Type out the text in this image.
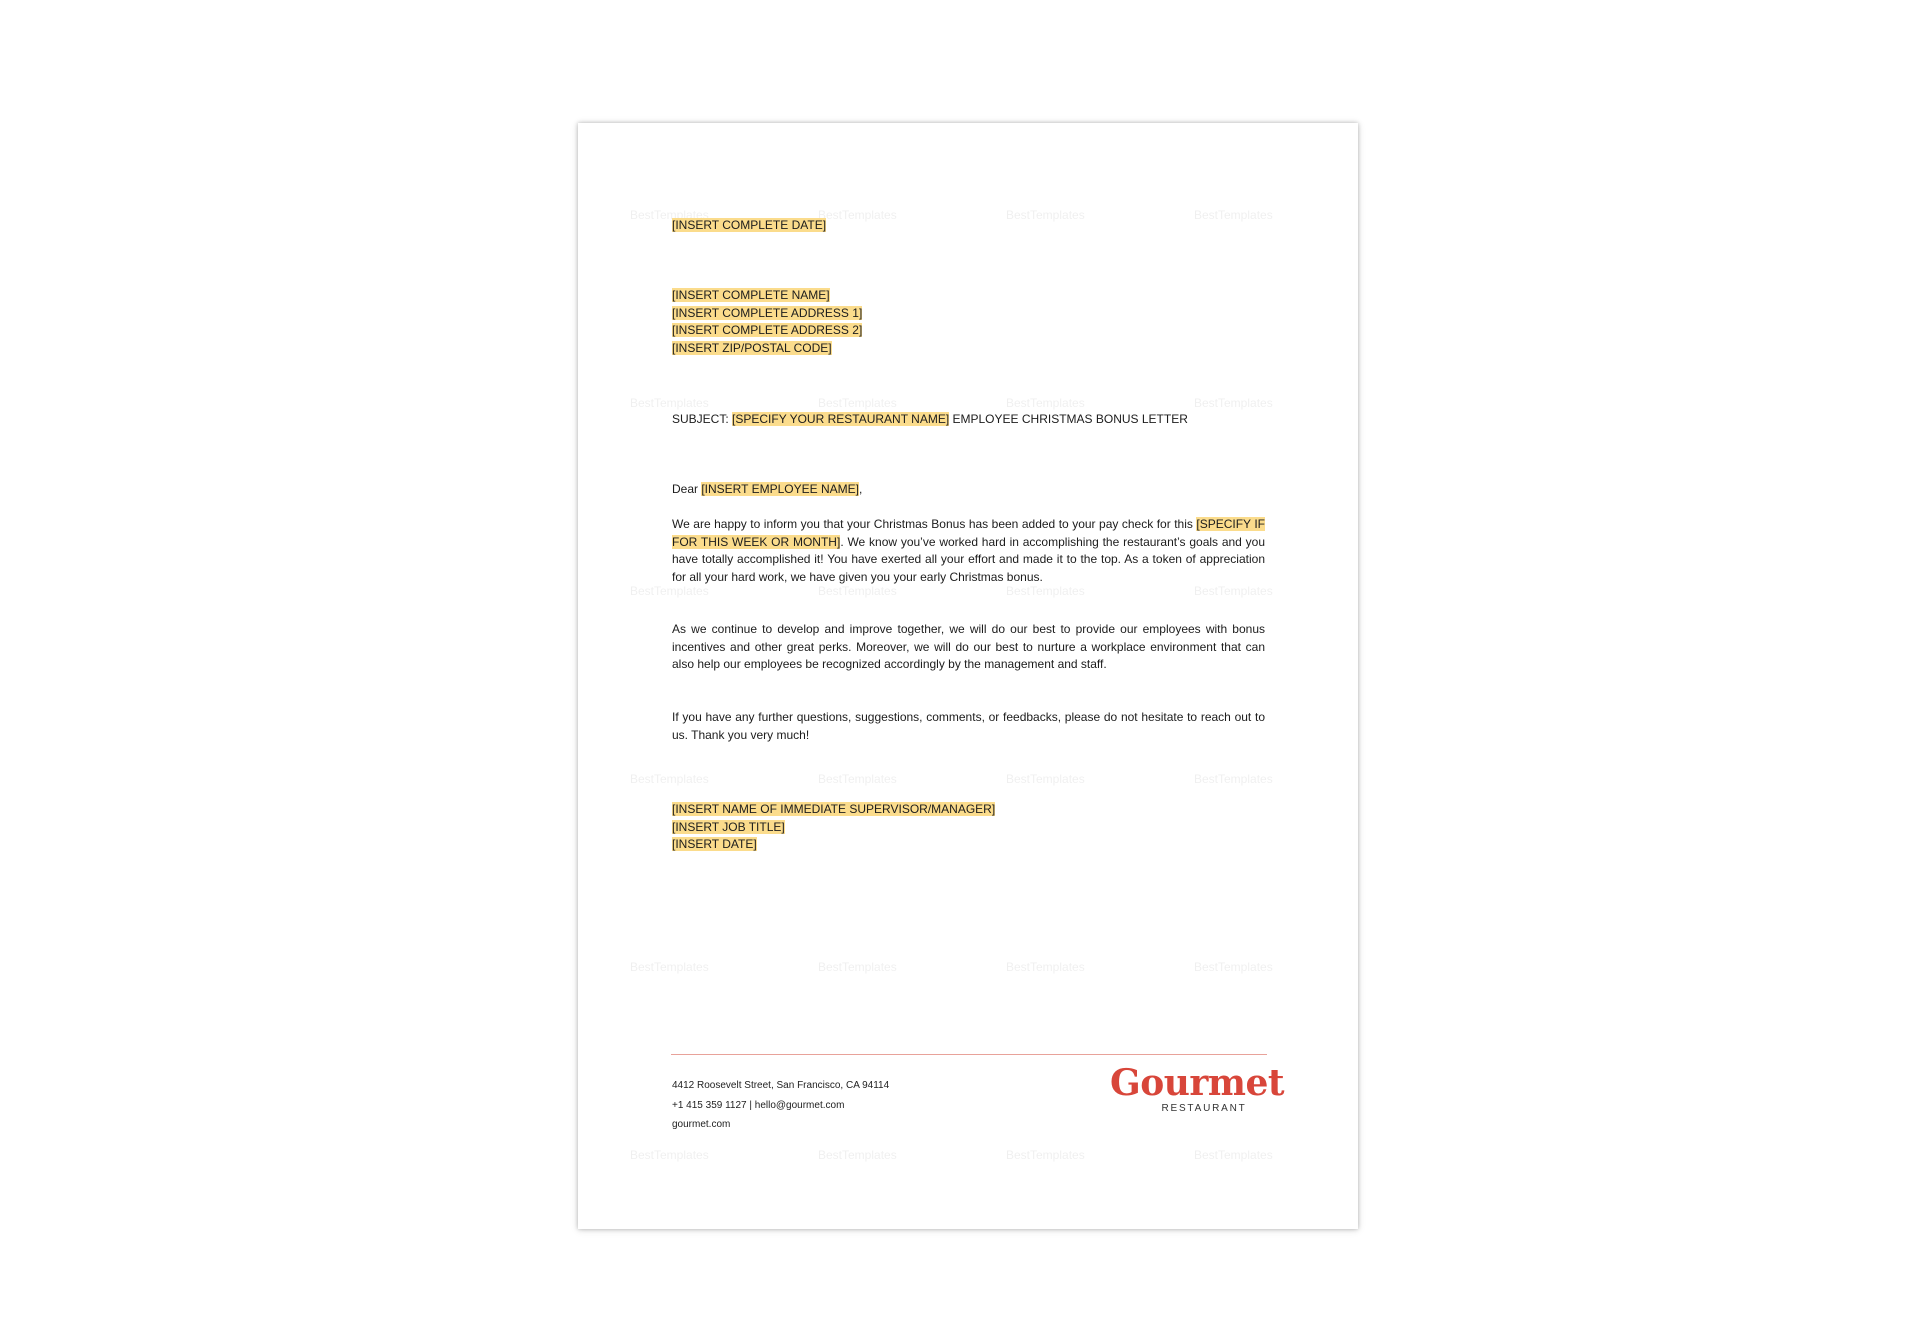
BestTemplates	BestTemplates	BestTemplates	BestTemplates
BestTemplates	BestTemplates	BestTemplates	BestTemplates
BestTemplates	BestTemplates	BestTemplates	BestTemplates
BestTemplates	BestTemplates	BestTemplates	BestTemplates
BestTemplates	BestTemplates	BestTemplates	BestTemplates
BestTemplates	BestTemplates	BestTemplates	BestTemplates
[INSERT COMPLETE DATE]

[INSERT COMPLETE NAME]

[INSERT COMPLETE ADDRESS 1]

[INSERT COMPLETE ADDRESS 2]

[INSERT ZIP/POSTAL CODE]

SUBJECT: [SPECIFY YOUR RESTAURANT NAME] EMPLOYEE CHRISTMAS BONUS LETTER
Dear [INSERT EMPLOYEE NAME],

We are happy to inform you that your Christmas Bonus has been added to your pay check for this [SPECIFY IF FOR THIS WEEK OR MONTH]. We know you’ve worked hard in accomplishing the restaurant’s goals and you have totally accomplished it! You have exerted all your effort and made it to the top. As a token of appreciation for all your hard work, we have given you your early Christmas bonus.

As we continue to develop and improve together, we will do our best to provide our employees with bonus incentives and other great perks. Moreover, we will do our best to nurture a workplace environment that can also help our employees be recognized accordingly by the management and staff.

If you have any further questions, suggestions, comments, or feedbacks, please do not hesitate to reach out to us. Thank you very much!

[INSERT NAME OF IMMEDIATE SUPERVISOR/MANAGER]

[INSERT JOB TITLE]

[INSERT DATE]

4412 Roosevelt Street, San Francisco, CA 94114
+1 415 359 1127 | hello@gourmet.com
gourmet.com
Gourmet
RESTAURANT
